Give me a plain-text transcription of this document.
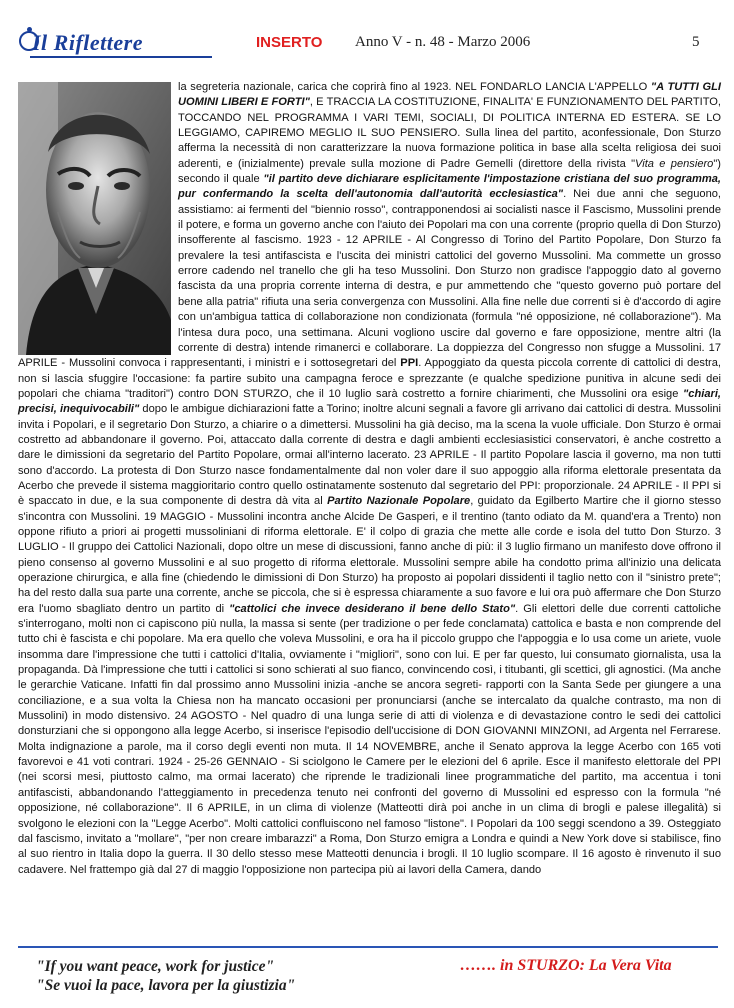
Il Riflettere	INSERTO Anno V - n. 48 - Marzo 2006	5

la segreteria nazionale, carica che coprirà fino al 1923. NEL FONDARLO LANCIA L'APPELLO "A TUTTI GLI UOMINI LIBERI E FORTI", E TRACCIA LA COSTITUZIONE, FINALITA' E FUNZIONAMENTO DEL PARTITO, TOCCANDO NEL PROGRAMMA I VARI TEMI, SOCIALI, DI POLITICA INTERNA ED ESTERA. SE LO LEGGIAMO, CAPIREMO MEGLIO IL SUO PENSIERO. Sulla linea del partito, aconfessionale, Don Sturzo afferma la necessità di non caratterizzare la nuova formazione politica in base alla scelta religiosa dei suoi aderenti, e (inizialmente) prevale sulla mozione di Padre Gemelli (direttore della rivista "Vita e pensiero") secondo il quale "il partito deve dichiarare esplicitamente l'impostazione cristiana del suo programma, pur confermando la scelta dell'autonomia dall'autorità ecclesiastica". Nei due anni che seguono, assistiamo: ai fermenti del "biennio rosso", contrapponendosi ai socialisti nasce il Fascismo, Mussolini prende il potere, e forma un governo anche con l'aiuto dei Popolari ma con una corrente (proprio quella di Don Sturzo) insofferente al fascismo. 1923 - 12 APRILE - Al Congresso di Torino del Partito Popolare, Don Sturzo fa prevalere la tesi antifascista e l'uscita dei ministri cattolici del governo Mussolini. Ma commette un grosso errore cadendo nel tranello che gli ha teso Mussolini. Don Sturzo non gradisce l'appoggio dato al governo fascista da una propria corrente interna di destra, e pur ammettendo che "questo governo può portare del bene alla patria" rifiuta una seria convergenza con Mussolini. Alla fine nelle due correnti si è d'accordo di agire con un'ambigua tattica di collaborazione non condizionata (formula "né opposizione, né collaborazione"). Ma l'intesa dura poco, una settimana. Alcuni vogliono uscire dal governo e fare opposizione, mentre altri (la corrente di destra) intende rimanerci e collaborare. La doppiezza del Congresso non sfugge a Mussolini. 17 APRILE - Mussolini convoca i rappresentanti, i ministri e i sottosegretari del PPI. Appoggiato da questa piccola corrente di cattolici di destra, non si lascia sfuggire l'occasione: fa partire subito una campagna feroce e sprezzante (e qualche spedizione punitiva in alcune sedi dei popolari che chiama "traditori") contro DON STURZO, che il 10 luglio sarà costretto a fornire chiarimenti, che Mussolini ora esige "chiari, precisi, inequivocabili" dopo le ambigue dichiarazioni fatte a Torino; inoltre alcuni segnali a favore gli arrivano dai cattolici di destra. Mussolini invita i Popolari, e il segretario Don Sturzo, a chiarire o a dimettersi. Mussolini ha già deciso, ma la scena la vuole ufficiale. Don Sturzo è ormai costretto ad abbandonare il governo. Poi, attaccato dalla corrente di destra e dagli ambienti ecclesiasistici conservatori, è anche costretto a dare le dimissioni da segretario del Partito Popolare, ormai all'interno lacerato. 23 APRILE - Il partito Popolare lascia il governo, ma non tutti sono d'accordo. La protesta di Don Sturzo nasce fondamentalmente dal non voler dare il suo appoggio alla riforma elettorale presentata da Acerbo che prevede il sistema maggioritario contro quello ostinatamente sostenuto dal segretario del PPI: proporzionale. 24 APRILE - Il PPI si è spaccato in due, e la sua componente di destra dà vita al Partito Nazionale Popolare, guidato da Egilberto Martire che il giorno stesso s'incontra con Mussolini. 19 MAGGIO - Mussolini incontra anche Alcide De Gasperi, e il trentino (tanto odiato da M. quand'era a Trento) non oppone rifiuto a priori ai progetti mussoliniani di riforma elettorale. E' il colpo di grazia che mette alle corde e isola del tutto Don Sturzo. 3 LUGLIO - Il gruppo dei Cattolici Nazionali, dopo oltre un mese di discussioni, fanno anche di più: il 3 luglio firmano un manifesto dove offrono il pieno consenso al governo Mussolini e al suo progetto di riforma elettorale. Mussolini sempre abile ha condotto prima all'inizio una delicata operazione chirurgica, e alla fine (chiedendo le dimissioni di Don Sturzo) ha proposto ai popolari dissidenti il taglio netto con il "sinistro prete"; ha del resto dalla sua parte una corrente, anche se piccola, che si è espressa chiaramente a suo favore e lui ora può affermare che Don Sturzo era l'uomo sbagliato dentro un partito di "cattolici che invece desiderano il bene dello Stato". Gli elettori delle due correnti cattoliche s'interrogano, molti non ci capiscono più nulla, la massa si sente (per tradizione o per fede conclamata) cattolica e basta e non comprende del tutto chi è fascista e chi popolare. Ma era quello che voleva Mussolini, e ora ha il piccolo gruppo che l'appoggia e lo usa come un ariete, vuole insomma dare l'impressione che tutti i cattolici d'Italia, ovviamente i "migliori", sono con lui. E per far questo, lui consumato giornalista, usa la propaganda. Dà l'impressione che tutti i cattolici si sono schierati al suo fianco, convincendo così, i titubanti, gli scettici, gli agnostici. (Ma anche le gerarchie Vaticane. Infatti fin dal prossimo anno Mussolini inizia -anche se ancora segreti- rapporti con la Santa Sede per giungere a una conciliazione, e a sua volta la Chiesa non ha mancato occasioni per pronunciarsi (anche se intercalato da qualche contrasto, ma non di Mussolini) in modo distensivo. 24 AGOSTO - Nel quadro di una lunga serie di atti di violenza e di devastazione contro le sedi dei cattolici donsturziani che si oppongono alla legge Acerbo, si inserisce l'episodio dell'uccisione di DON GIOVANNI MINZONI, ad Argenta nel Ferrarese. Molta indignazione a parole, ma il corso degli eventi non muta. Il 14 NOVEMBRE, anche il Senato approva la legge Acerbo con 165 voti favorevoi e 41 voti contrari. 1924 - 25-26 GENNAIO - Si sciolgono le Camere per le elezioni del 6 aprile. Esce il manifesto elettorale del PPI (nei scorsi mesi, piuttosto calmo, ma ormai lacerato) che riprende le tradizionali linee programmatiche del partito, ma accentua i toni antifascisti, abbandonando l'atteggiamento in precedenza tenuto nei confronti del governo di Mussolini ed espresso con la formula "né opposizione, né collaborazione". Il 6 APRILE, in un clima di violenze (Matteotti dirà poi anche in un clima di brogli e palese illegalità) si svolgono le elezioni con la "Legge Acerbo". Molti cattolici confluiscono nel famoso "listone". I Popolari da 100 seggi scendono a 39. Osteggiato dal fascismo, invitato a "mollare", "per non creare imbarazzi" a Roma, Don Sturzo emigra a Londra e quindi a New York dove si stabilisce, fino al suo rientro in Italia dopo la guerra. Il 30 dello stesso mese Matteotti denuncia i brogli. Il 10 luglio scompare. Il 16 agosto è rinvenuto il suo cadavere. Nel frattempo già dal 27 di maggio l'opposizione non partecipa più ai lavori della Camera, dando

"If you want peace, work for justice"
"Se vuoi la pace, lavora per la giustizia"
……. in STURZO: La Vera Vita
